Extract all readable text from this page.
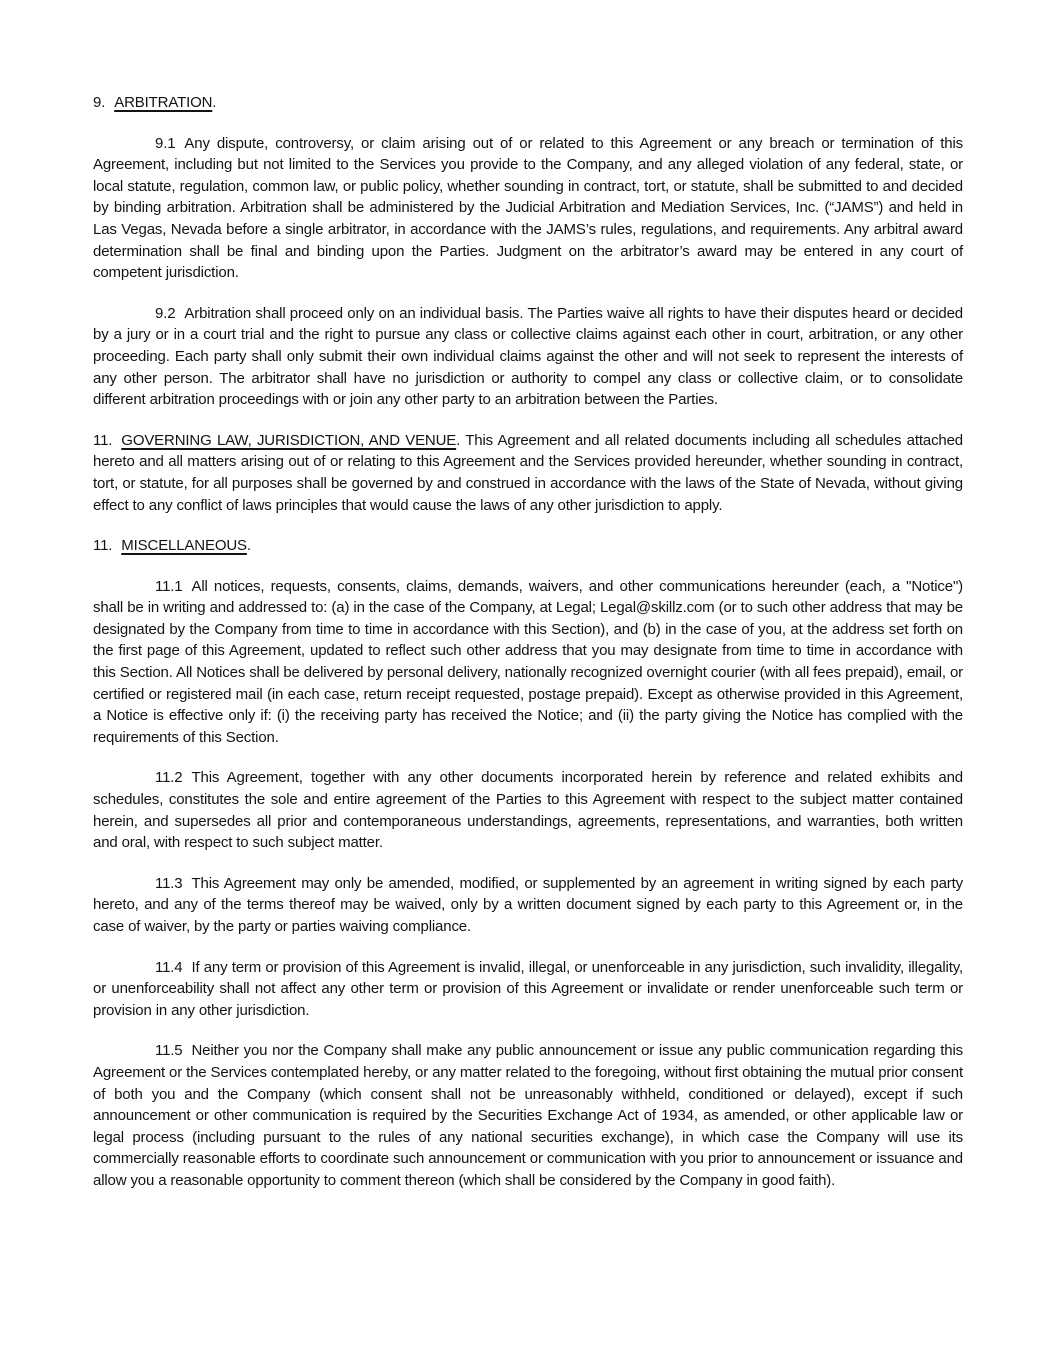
9. ARBITRATION.

9.1 Any dispute, controversy, or claim arising out of or related to this Agreement or any breach or termination of this Agreement, including but not limited to the Services you provide to the Company, and any alleged violation of any federal, state, or local statute, regulation, common law, or public policy, whether sounding in contract, tort, or statute, shall be submitted to and decided by binding arbitration. Arbitration shall be administered by the Judicial Arbitration and Mediation Services, Inc. (“JAMS”) and held in Las Vegas, Nevada before a single arbitrator, in accordance with the JAMS’s rules, regulations, and requirements. Any arbitral award determination shall be final and binding upon the Parties. Judgment on the arbitrator’s award may be entered in any court of competent jurisdiction.

9.2 Arbitration shall proceed only on an individual basis. The Parties waive all rights to have their disputes heard or decided by a jury or in a court trial and the right to pursue any class or collective claims against each other in court, arbitration, or any other proceeding. Each party shall only submit their own individual claims against the other and will not seek to represent the interests of any other person. The arbitrator shall have no jurisdiction or authority to compel any class or collective claim, or to consolidate different arbitration proceedings with or join any other party to an arbitration between the Parties.

11. GOVERNING LAW, JURISDICTION, AND VENUE. This Agreement and all related documents including all schedules attached hereto and all matters arising out of or relating to this Agreement and the Services provided hereunder, whether sounding in contract, tort, or statute, for all purposes shall be governed by and construed in accordance with the laws of the State of Nevada, without giving effect to any conflict of laws principles that would cause the laws of any other jurisdiction to apply.

11. MISCELLANEOUS.

11.1 All notices, requests, consents, claims, demands, waivers, and other communications hereunder (each, a "Notice") shall be in writing and addressed to: (a) in the case of the Company, at Legal; Legal@skillz.com (or to such other address that may be designated by the Company from time to time in accordance with this Section), and (b) in the case of you, at the address set forth on the first page of this Agreement, updated to reflect such other address that you may designate from time to time in accordance with this Section. All Notices shall be delivered by personal delivery, nationally recognized overnight courier (with all fees prepaid), email, or certified or registered mail (in each case, return receipt requested, postage prepaid). Except as otherwise provided in this Agreement, a Notice is effective only if: (i) the receiving party has received the Notice; and (ii) the party giving the Notice has complied with the requirements of this Section.

11.2 This Agreement, together with any other documents incorporated herein by reference and related exhibits and schedules, constitutes the sole and entire agreement of the Parties to this Agreement with respect to the subject matter contained herein, and supersedes all prior and contemporaneous understandings, agreements, representations, and warranties, both written and oral, with respect to such subject matter.

11.3 This Agreement may only be amended, modified, or supplemented by an agreement in writing signed by each party hereto, and any of the terms thereof may be waived, only by a written document signed by each party to this Agreement or, in the case of waiver, by the party or parties waiving compliance.

11.4 If any term or provision of this Agreement is invalid, illegal, or unenforceable in any jurisdiction, such invalidity, illegality, or unenforceability shall not affect any other term or provision of this Agreement or invalidate or render unenforceable such term or provision in any other jurisdiction.

11.5 Neither you nor the Company shall make any public announcement or issue any public communication regarding this Agreement or the Services contemplated hereby, or any matter related to the foregoing, without first obtaining the mutual prior consent of both you and the Company (which consent shall not be unreasonably withheld, conditioned or delayed), except if such announcement or other communication is required by the Securities Exchange Act of 1934, as amended, or other applicable law or legal process (including pursuant to the rules of any national securities exchange), in which case the Company will use its commercially reasonable efforts to coordinate such announcement or communication with you prior to announcement or issuance and allow you a reasonable opportunity to comment thereon (which shall be considered by the Company in good faith).
